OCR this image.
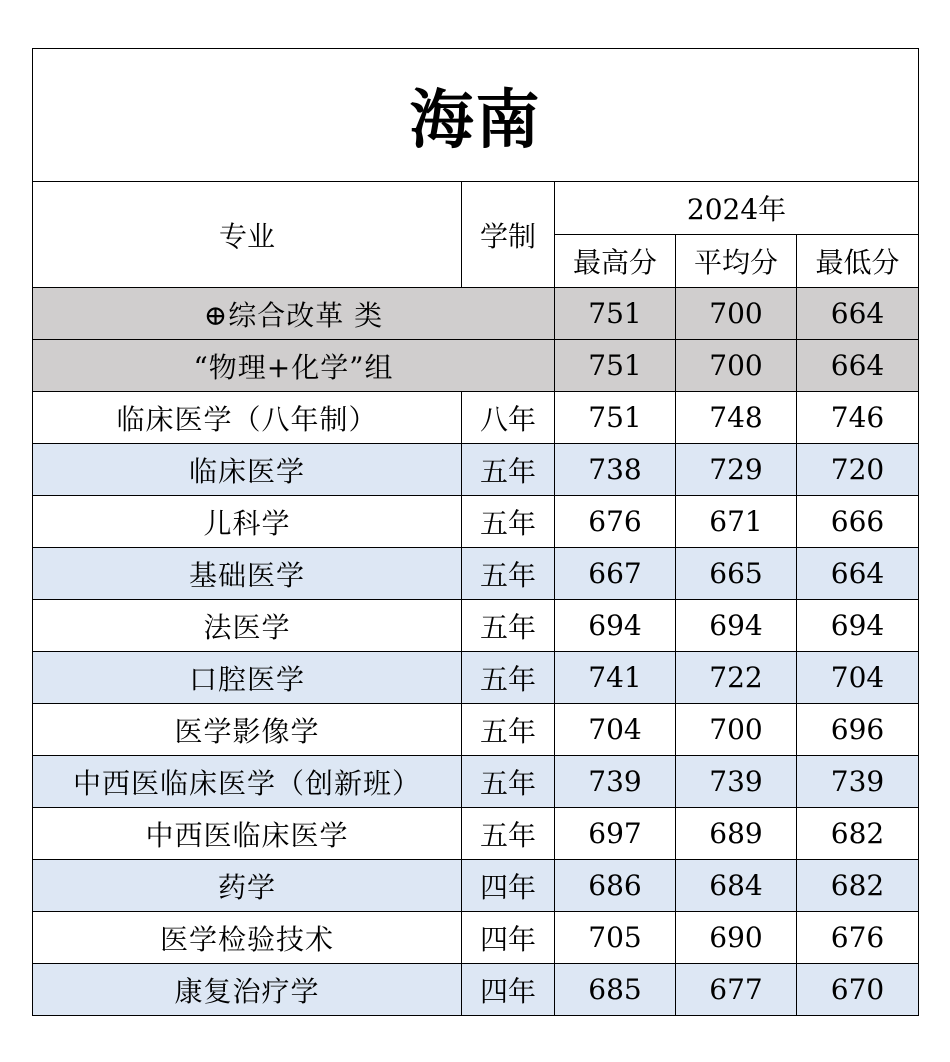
海南				
专业	学制	2024年		
		最高分	平均分	最低分
⊕综合改革 类		751	700	664
“物理+化学”组		751	700	664
临床医学（八年制）	八年	751	748	746
临床医学	五年	738	729	720
儿科学	五年	676	671	666
基础医学	五年	667	665	664
法医学	五年	694	694	694
口腔医学	五年	741	722	704
医学影像学	五年	704	700	696
中西医临床医学（创新班）	五年	739	739	739
中西医临床医学	五年	697	689	682
药学	四年	686	684	682
医学检验技术	四年	705	690	676
康复治疗学	四年	685	677	670
